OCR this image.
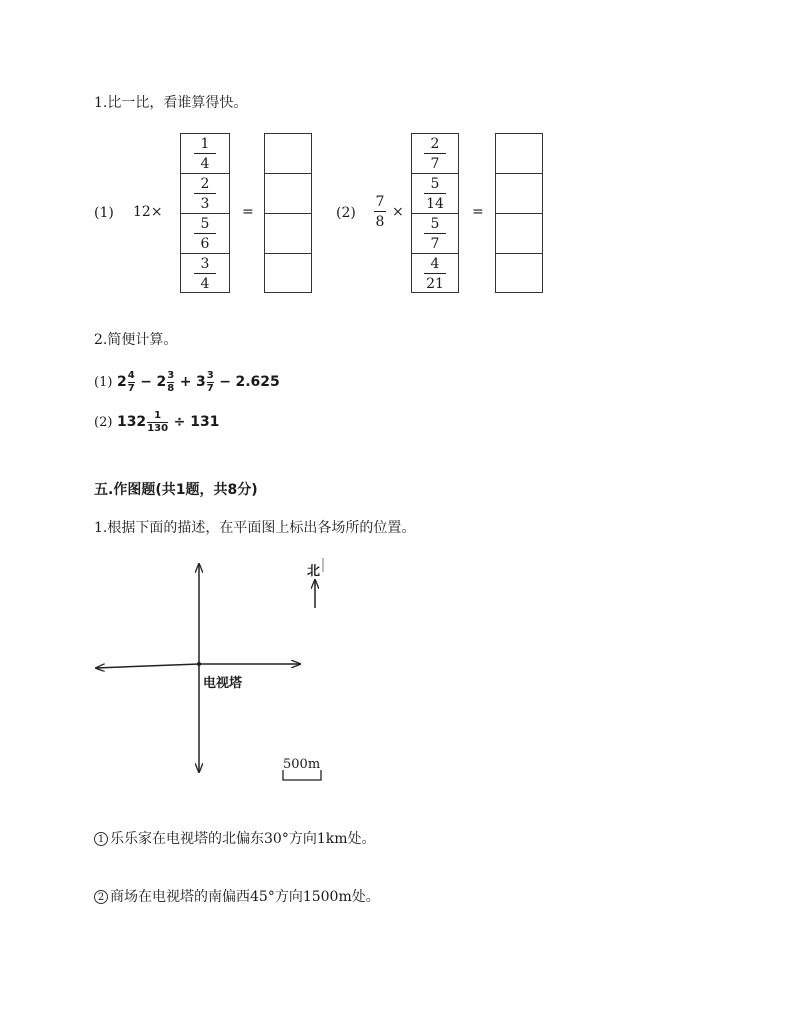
1.比一比，看谁算得快。
(1) 12×
1
4
2
3
5
6
3
4
=	(2)
7
8
×
2
7
5
14
5
7
4
21
=
2.简便计算。
(1)
2 4
7
−
2 3
8
+
3 3
7
−
2.625
(2)
132 1
130
÷ 131
五.作图题(共1题，共8分)
1.根据下面的描述，在平面图上标出各场所的位置。
北
电视塔
500m
1 乐乐家在电视塔的北偏东30°方向1km处。
2 商场在电视塔的南偏西45°方向1500m处。
